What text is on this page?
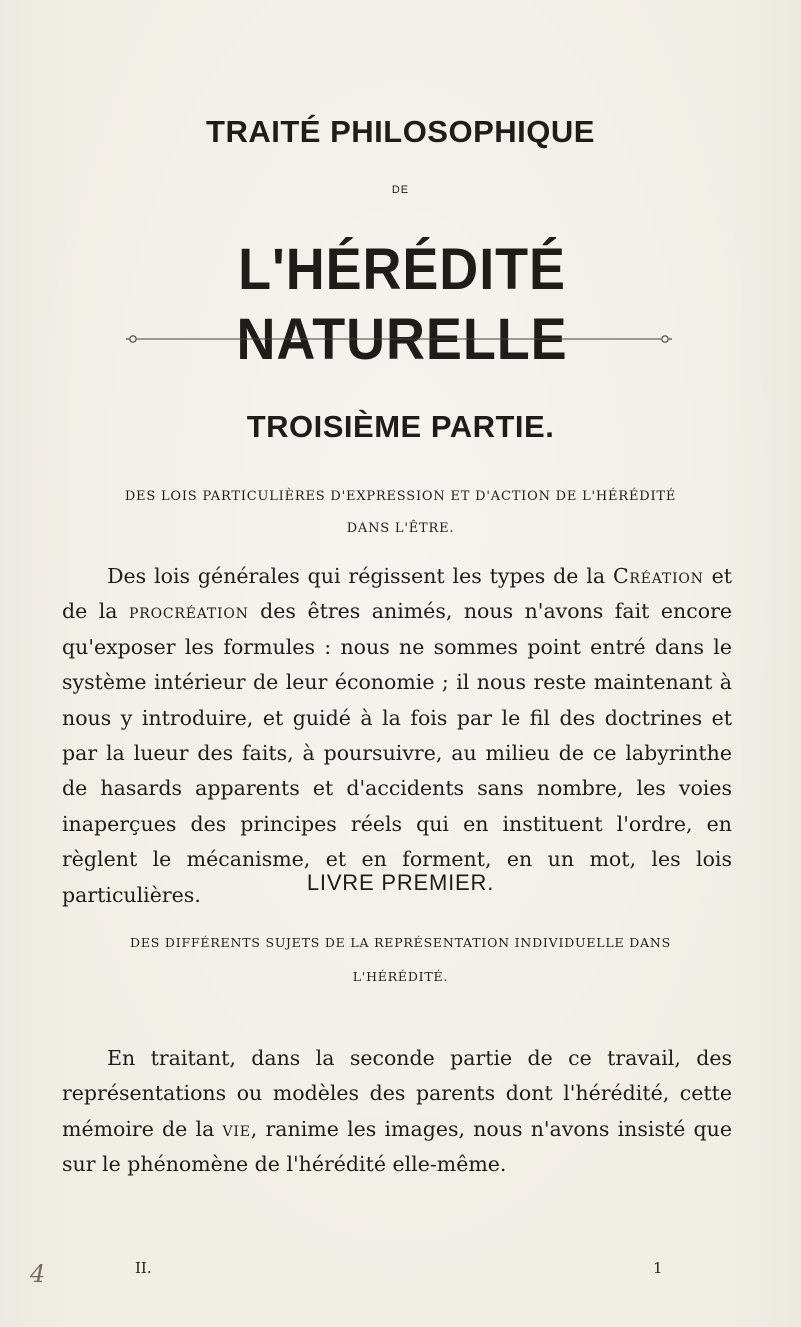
TRAITÉ PHILOSOPHIQUE
DE
L'HÉRÉDITÉ NATURELLE
TROISIÈME PARTIE.
DES LOIS PARTICULIÈRES D'EXPRESSION ET D'ACTION DE L'HÉRÉDITÉ
DANS L'ÊTRE.

Des lois générales qui régissent les types de la Création et de la procréation des êtres animés, nous n'avons fait encore qu'exposer les formules : nous ne sommes point entré dans le système intérieur de leur économie ; il nous reste maintenant à nous y introduire, et guidé à la fois par le fil des doctrines et par la lueur des faits, à poursuivre, au milieu de ce labyrinthe de hasards apparents et d'accidents sans nombre, les voies inaperçues des principes réels qui en instituent l'ordre, en règlent le mécanisme, et en forment, en un mot, les lois particulières.	LIVRE PREMIER.
DES DIFFÉRENTS SUJETS DE LA REPRÉSENTATION INDIVIDUELLE DANS
L'HÉRÉDITÉ.

En traitant, dans la seconde partie de ce travail, des représentations ou modèles des parents dont l'hérédité, cette mémoire de la vie, ranime les images, nous n'avons insisté que sur le phénomène de l'hérédité elle-même.

4	II.	1
